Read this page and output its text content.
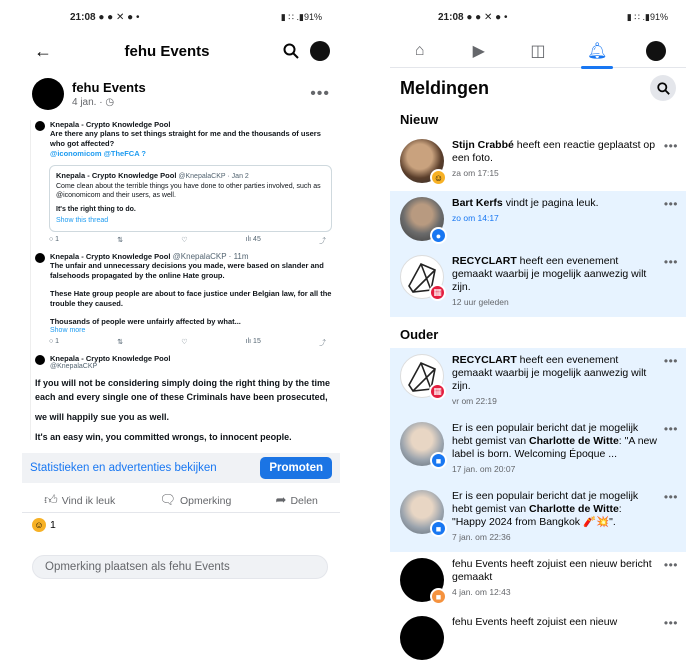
21:08 ● ● ✕ ● •	▮ ∷ .▮91%
←	fehu Events
fehu Events
4 jan. · ◷
•••
Knepala - Crypto Knowledge Pool
Are there any plans to set things straight for me and the thousands of users who got affected?
@iconomicom @TheFCA ?
Knepala - Crypto Knowledge Pool @KnepalaCKP · Jan 2
Come clean about the terrible things you have done to other parties involved, such as @iconomicom and their users, as well.
It's the right thing to do.
Show this thread
○ 1	⇅	♡	ılı 45	⤴
Knepala - Crypto Knowledge Pool @KnepalaCKP · 11m
The unfair and unnecessary decisions you made, were based on slander and falsehoods propagated by the online Hate group.
These Hate group people are about to face justice under Belgian law, for all the trouble they caused.
Thousands of people were unfairly affected by what...
Show more
○ 1	⇅	♡	ılı 15	⤴
Knepala - Crypto Knowledge Pool
@KnepalaCKP
If you will not be considering simply doing the right thing by the time each and every single one of these Criminals have been prosecuted,
we will happily sue you as well.
It's an easy win, you committed wrongs, to innocent people.
Statistieken en advertenties bekijken	Promoten
👍︎ Vind ik leuk	🗨︎ Opmerking	➦ Delen
☺ 1
Opmerking plaatsen als fehu Events
21:08 ● ● ✕ ● •	▮ ∷ .▮91%
⌂	▶	◫	🔔︎
Meldingen
Nieuw
☺
Stijn Crabbé heeft een reactie geplaatst op een foto.
za om 17:15
•••
●
Bart Kerfs vindt je pagina leuk.
zo om 14:17
•••
▦
RECYCLART heeft een evenement gemaakt waarbij je mogelijk aanwezig wilt zijn.
12 uur geleden
•••
Ouder
▦
RECYCLART heeft een evenement gemaakt waarbij je mogelijk aanwezig wilt zijn.
vr om 22:19
•••
■
Er is een populair bericht dat je mogelijk hebt gemist van Charlotte de Witte: "A new label is born. Welcoming Époque ...
17 jan. om 20:07
•••
■
Er is een populair bericht dat je mogelijk hebt gemist van Charlotte de Witte: "Happy 2024 from Bangkok 🧨💥".
7 jan. om 22:36
•••
■
fehu Events heeft zojuist een nieuw bericht gemaakt
4 jan. om 12:43
•••
fehu Events heeft zojuist een nieuw	•••
